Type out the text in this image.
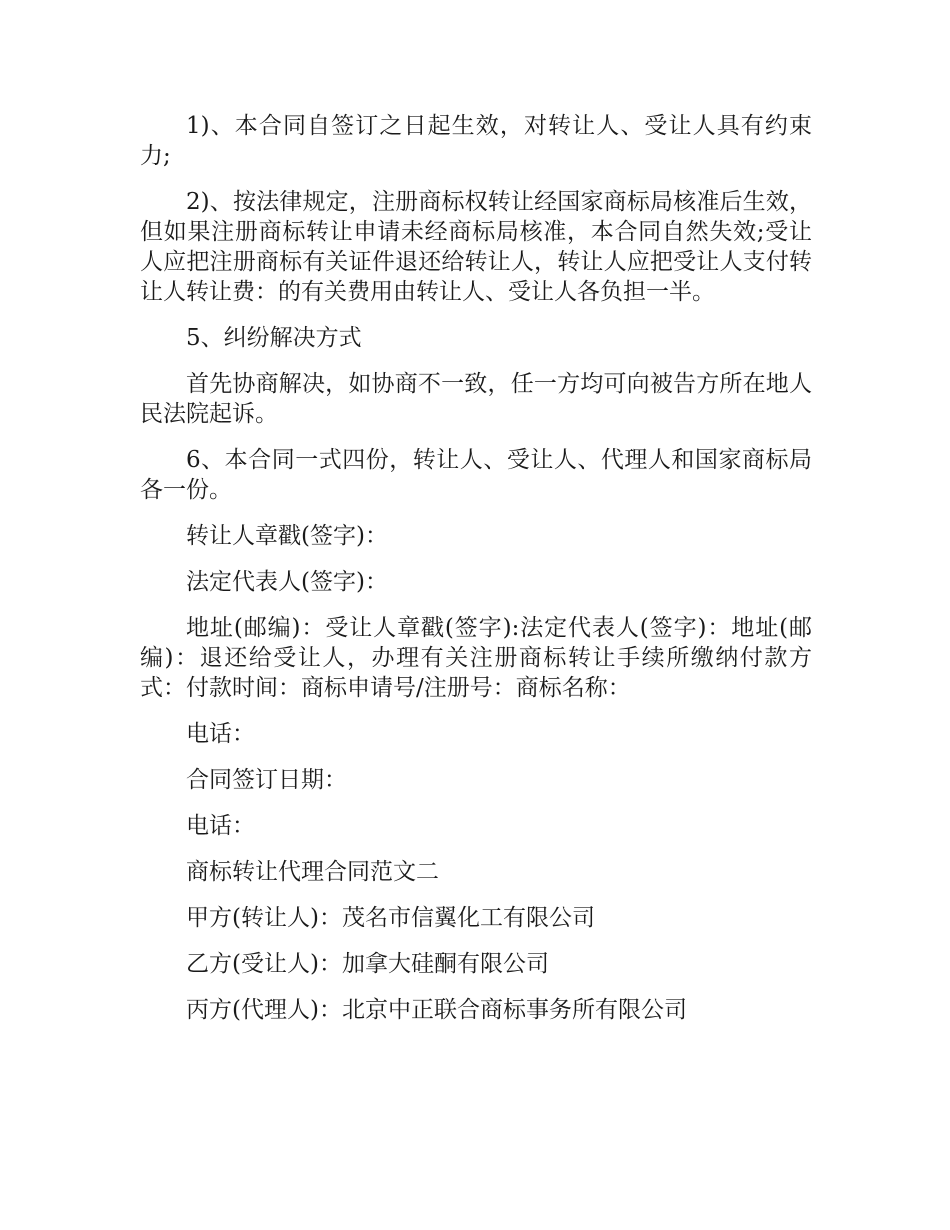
1)、本合同自签订之日起生效，对转让人、受让人具有约束力;

2)、按法律规定，注册商标权转让经国家商标局核准后生效，但如果注册商标转让申请未经商标局核准，本合同自然失效;受让人应把注册商标有关证件退还给转让人，转让人应把受让人支付转让人转让费：的有关费用由转让人、受让人各负担一半。

5、纠纷解决方式

首先协商解决，如协商不一致，任一方均可向被告方所在地人民法院起诉。

6、本合同一式四份，转让人、受让人、代理人和国家商标局各一份。

转让人章戳(签字)：

法定代表人(签字)：

地址(邮编)：受让人章戳(签字):法定代表人(签字)：地址(邮编)：退还给受让人，办理有关注册商标转让手续所缴纳付款方式：付款时间：商标申请号/注册号：商标名称：

电话：

合同签订日期：

电话：

商标转让代理合同范文二

甲方(转让人)：茂名市信翼化工有限公司

乙方(受让人)：加拿大硅酮有限公司

丙方(代理人)：北京中正联合商标事务所有限公司
